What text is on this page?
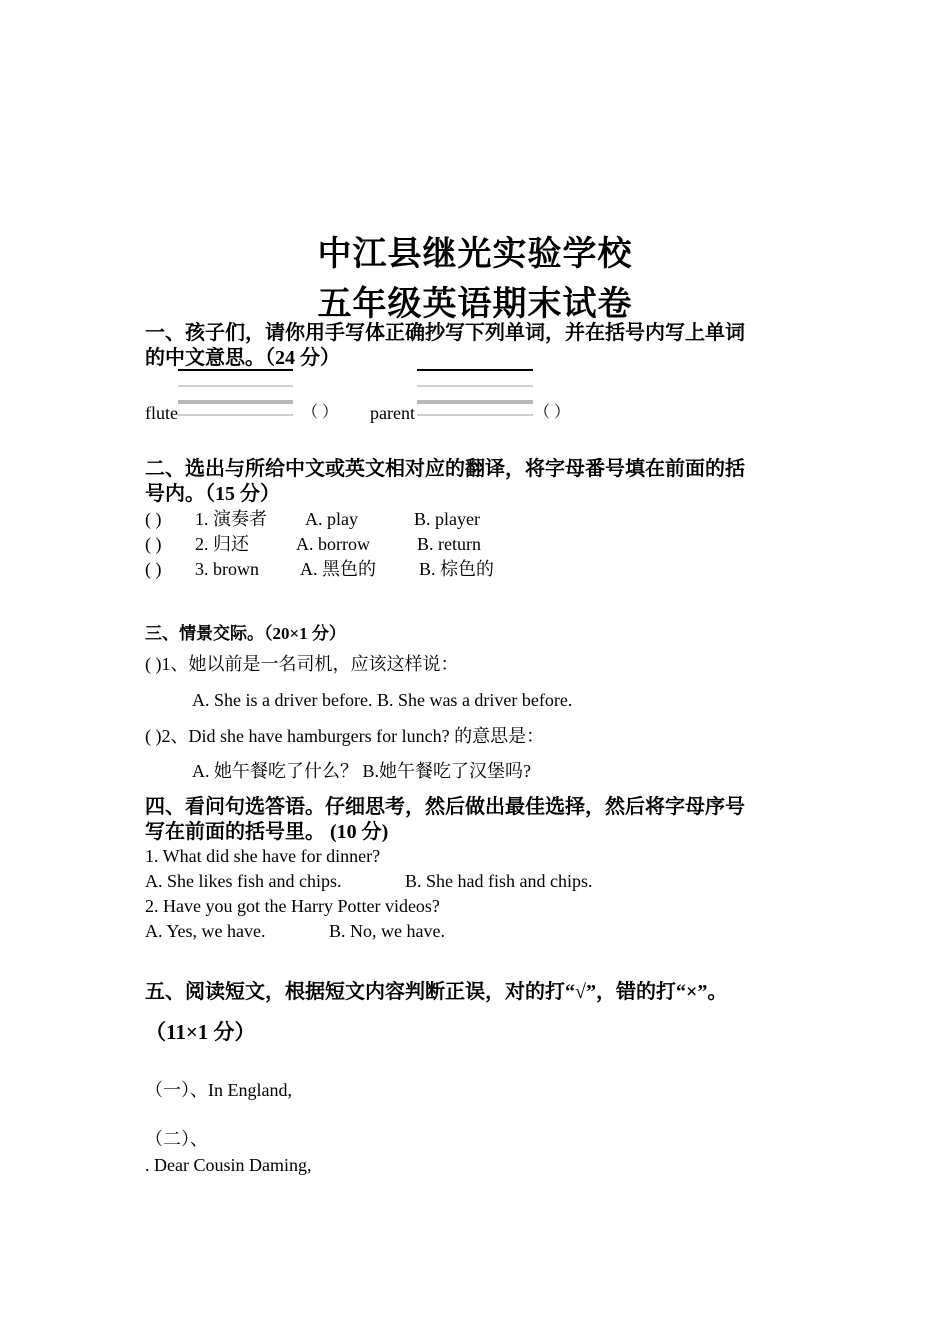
中江县继光实验学校
五年级英语期末试卷
一、孩子们，请你用手写体正确抄写下列单词，并在括号内写上单词
的中文意思。（24 分）
flute	（ ） parent	（ ）
二、选出与所给中文或英文相对应的翻译，将字母番号填在前面的括
号内。（15 分）
( ) 1. 演奏者 A. play	B. player
( ) 2. 归还	A. borrow	B. return
( ) 3. brown A. 黑色的 B. 棕色的
三、情景交际。（20×1 分）
( )1、她以前是一名司机，应该这样说：
A. She is a driver before. B. She was a driver before.
( )2、Did she have hamburgers for lunch? 的意思是：
A. 她午餐吃了什么？ B.她午餐吃了汉堡吗?
四、看问句选答语。仔细思考，然后做出最佳选择，然后将字母序号
写在前面的括号里。 (10 分)
1. What did she have for dinner?
A. She likes fish and chips.	B. She had fish and chips.
2. Have you got the Harry Potter videos?
A. Yes, we have.	B. No, we have.
五、阅读短文，根据短文内容判断正误，对的打“√”，错的打“×”。
（11×1 分）
（一）、In England,
（二）、
. Dear Cousin Daming,
